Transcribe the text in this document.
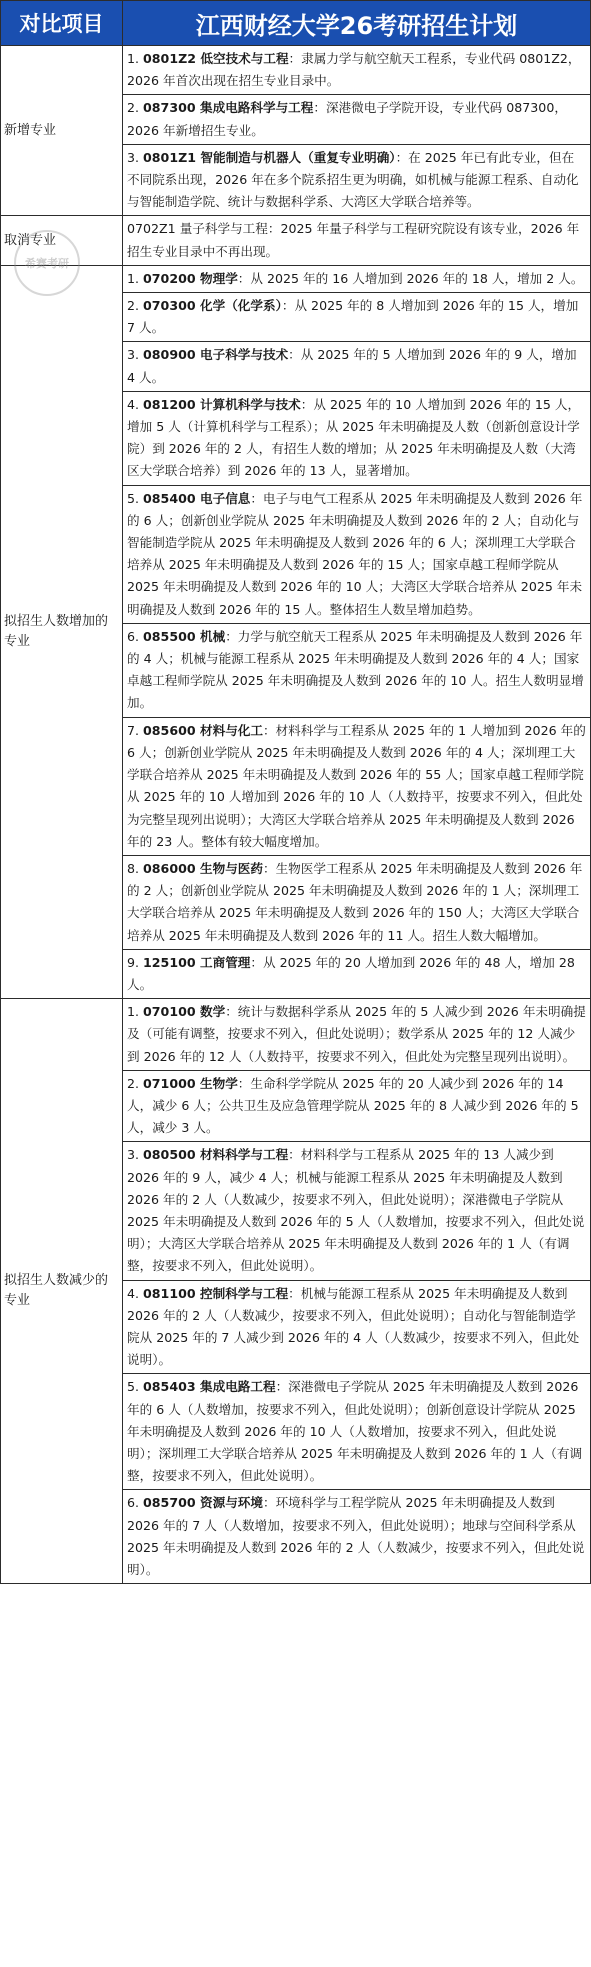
对比项目	江西财经大学26考研招生计划
新增专业	1. 0801Z2 低空技术与工程：隶属力学与航空航天工程系，专业代码 0801Z2，2026 年首次出现在招生专业目录中。
	2. 087300 集成电路科学与工程：深港微电子学院开设，专业代码 087300，2026 年新增招生专业。
	3. 0801Z1 智能制造与机器人（重复专业明确）：在 2025 年已有此专业，但在不同院系出现，2026 年在多个院系招生更为明确，如机械与能源工程系、自动化与智能制造学院、统计与数据科学系、大湾区大学联合培养等。
取消专业	0702Z1 量子科学与工程：2025 年量子科学与工程研究院设有该专业，2026 年招生专业目录中不再出现。
拟招生人数增加的专业	1. 070200 物理学：从 2025 年的 16 人增加到 2026 年的 18 人，增加 2 人。
	2. 070300 化学（化学系）：从 2025 年的 8 人增加到 2026 年的 15 人，增加 7 人。
	3. 080900 电子科学与技术：从 2025 年的 5 人增加到 2026 年的 9 人，增加 4 人。
	4. 081200 计算机科学与技术：从 2025 年的 10 人增加到 2026 年的 15 人，增加 5 人（计算机科学与工程系）；从 2025 年未明确提及人数（创新创意设计学院）到 2026 年的 2 人，有招生人数的增加；从 2025 年未明确提及人数（大湾区大学联合培养）到 2026 年的 13 人，显著增加。
	5. 085400 电子信息：电子与电气工程系从 2025 年未明确提及人数到 2026 年的 6 人；创新创业学院从 2025 年未明确提及人数到 2026 年的 2 人；自动化与智能制造学院从 2025 年未明确提及人数到 2026 年的 6 人；深圳理工大学联合培养从 2025 年未明确提及人数到 2026 年的 15 人；国家卓越工程师学院从 2025 年未明确提及人数到 2026 年的 10 人；大湾区大学联合培养从 2025 年未明确提及人数到 2026 年的 15 人。整体招生人数呈增加趋势。
	6. 085500 机械：力学与航空航天工程系从 2025 年未明确提及人数到 2026 年的 4 人；机械与能源工程系从 2025 年未明确提及人数到 2026 年的 4 人；国家卓越工程师学院从 2025 年未明确提及人数到 2026 年的 10 人。招生人数明显增加。
	7. 085600 材料与化工：材料科学与工程系从 2025 年的 1 人增加到 2026 年的 6 人；创新创业学院从 2025 年未明确提及人数到 2026 年的 4 人；深圳理工大学联合培养从 2025 年未明确提及人数到 2026 年的 55 人；国家卓越工程师学院从 2025 年的 10 人增加到 2026 年的 10 人（人数持平，按要求不列入，但此处为完整呈现列出说明）；大湾区大学联合培养从 2025 年未明确提及人数到 2026 年的 23 人。整体有较大幅度增加。
	8. 086000 生物与医药：生物医学工程系从 2025 年未明确提及人数到 2026 年的 2 人；创新创业学院从 2025 年未明确提及人数到 2026 年的 1 人；深圳理工大学联合培养从 2025 年未明确提及人数到 2026 年的 150 人；大湾区大学联合培养从 2025 年未明确提及人数到 2026 年的 11 人。招生人数大幅增加。
	9. 125100 工商管理：从 2025 年的 20 人增加到 2026 年的 48 人，增加 28 人。
拟招生人数减少的专业	1. 070100 数学：统计与数据科学系从 2025 年的 5 人减少到 2026 年未明确提及（可能有调整，按要求不列入，但此处说明）；数学系从 2025 年的 12 人减少到 2026 年的 12 人（人数持平，按要求不列入，但此处为完整呈现列出说明）。
	2. 071000 生物学：生命科学学院从 2025 年的 20 人减少到 2026 年的 14 人，减少 6 人；公共卫生及应急管理学院从 2025 年的 8 人减少到 2026 年的 5 人，减少 3 人。
	3. 080500 材料科学与工程：材料科学与工程系从 2025 年的 13 人减少到 2026 年的 9 人，减少 4 人；机械与能源工程系从 2025 年未明确提及人数到 2026 年的 2 人（人数减少，按要求不列入，但此处说明）；深港微电子学院从 2025 年未明确提及人数到 2026 年的 5 人（人数增加，按要求不列入，但此处说明）；大湾区大学联合培养从 2025 年未明确提及人数到 2026 年的 1 人（有调整，按要求不列入，但此处说明）。
	4. 081100 控制科学与工程：机械与能源工程系从 2025 年未明确提及人数到 2026 年的 2 人（人数减少，按要求不列入，但此处说明）；自动化与智能制造学院从 2025 年的 7 人减少到 2026 年的 4 人（人数减少，按要求不列入，但此处说明）。
	5. 085403 集成电路工程：深港微电子学院从 2025 年未明确提及人数到 2026 年的 6 人（人数增加，按要求不列入，但此处说明）；创新创意设计学院从 2025 年未明确提及人数到 2026 年的 10 人（人数增加，按要求不列入，但此处说明）；深圳理工大学联合培养从 2025 年未明确提及人数到 2026 年的 1 人（有调整，按要求不列入，但此处说明）。
	6. 085700 资源与环境：环境科学与工程学院从 2025 年未明确提及人数到 2026 年的 7 人（人数增加，按要求不列入，但此处说明）；地球与空间科学系从 2025 年未明确提及人数到 2026 年的 2 人（人数减少，按要求不列入，但此处说明）。
希赛考研
